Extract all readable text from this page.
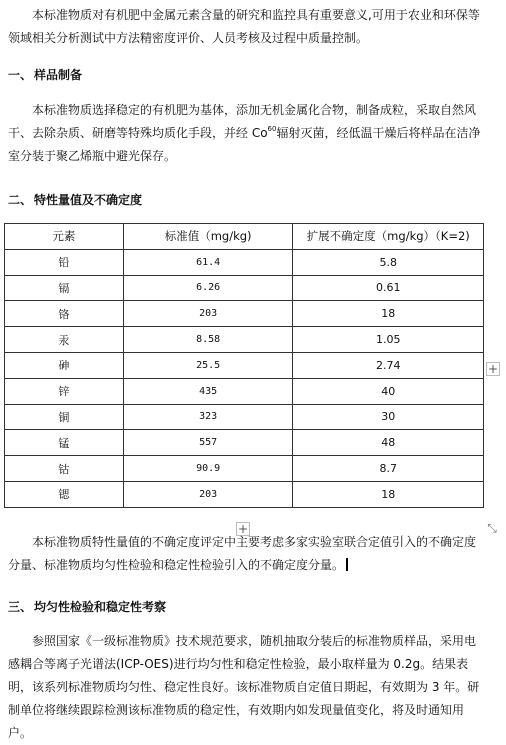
本标准物质对有机肥中金属元素含量的研究和监控具有重要意义,可用于农业和环保等领域相关分析测试中方法精密度评价、人员考核及过程中质量控制。

一、 样品制备

本标准物质选择稳定的有机肥为基体，添加无机金属化合物，制备成粒，采取自然风干、去除杂质、研磨等特殊均质化手段，并经 Co$^{60}$辐射灭菌，经低温干燥后将样品在洁净室分装于聚乙烯瓶中避光保存。

二、 特性量值及不确定度

元素	标准值（mg/kg)	扩展不确定度（mg/kg）（K=2)
铅	61.4	5.8
镉	6.26	0.61
铬	203	18
汞	8.58	1.05
砷	25.5	2.74
锌	435	40
铜	323	30
锰	557	48
钴	90.9	8.7
锶	203	18
+
+	⤡

本标准物质特性量值的不确定度评定中主要考虑多家实验室联合定值引入的不确定度分量、标准物质均匀性检验和稳定性检验引入的不确定度分量。

三、 均匀性检验和稳定性考察

参照国家《一级标准物质》技术规范要求，随机抽取分装后的标准物质样品，采用电感耦合等离子光谱法(ICP-OES)进行均匀性和稳定性检验，最小取样量为 0.2g。结果表明，该系列标准物质均匀性、稳定性良好。该标准物质自定值日期起，有效期为 3 年。研制单位将继续跟踪检测该标准物质的稳定性，有效期内如发现量值变化，将及时通知用户。
